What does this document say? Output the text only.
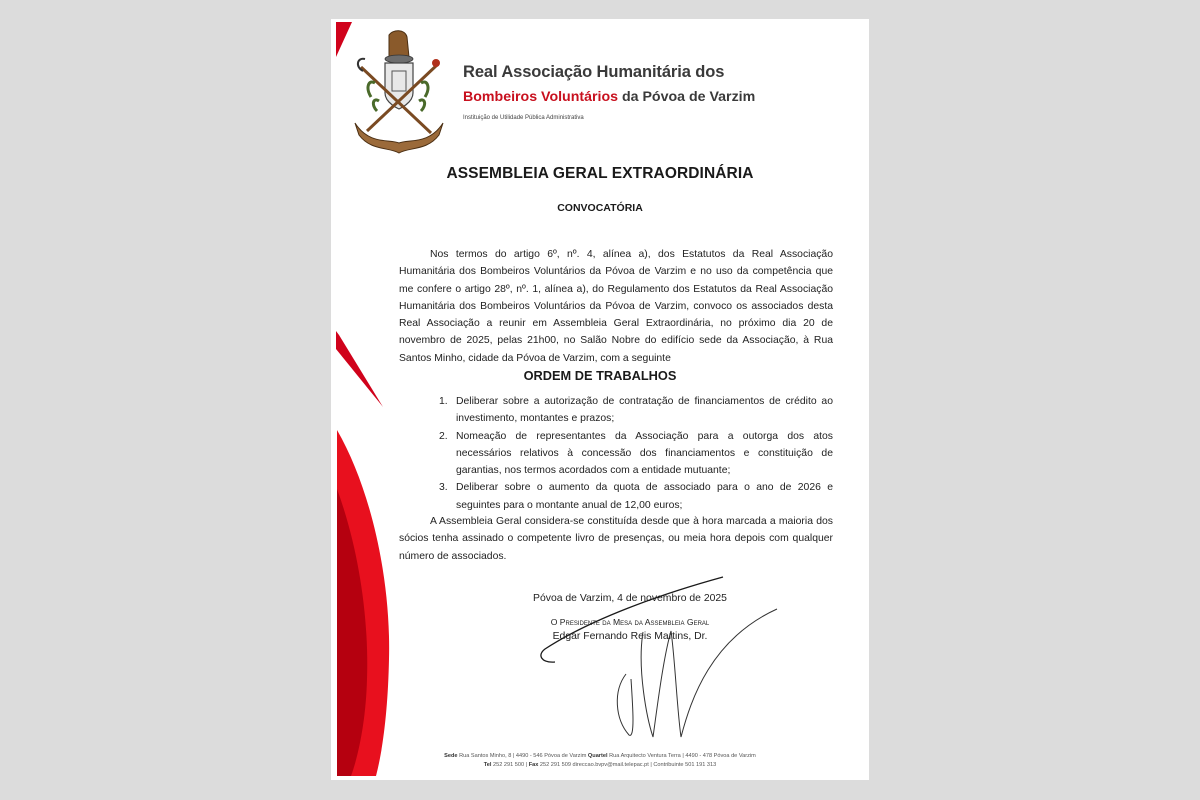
Real Associação Humanitária dos
Bombeiros Voluntários da Póvoa de Varzim
Instituição de Utilidade Pública Administrativa
ASSEMBLEIA GERAL EXTRAORDINÁRIA
CONVOCATÓRIA
Nos termos do artigo 6º, nº. 4, alínea a), dos Estatutos da Real Associação Humanitária dos Bombeiros Voluntários da Póvoa de Varzim e no uso da competência que me confere o artigo 28º, nº. 1, alínea a), do Regulamento dos Estatutos da Real Associação Humanitária dos Bombeiros Voluntários da Póvoa de Varzim, convoco os associados desta Real Associação a reunir em Assembleia Geral Extraordinária, no próximo dia 20 de novembro de 2025, pelas 21h00, no Salão Nobre do edifício sede da Associação, à Rua Santos Minho, cidade da Póvoa de Varzim, com a seguinte
ORDEM DE TRABALHOS
1. Deliberar sobre a autorização de contratação de financiamentos de crédito ao investimento, montantes e prazos;
2. Nomeação de representantes da Associação para a outorga dos atos necessários relativos à concessão dos financiamentos e constituição de garantias, nos termos acordados com a entidade mutuante;
3. Deliberar sobre o aumento da quota de associado para o ano de 2026 e seguintes para o montante anual de 12,00 euros;
A Assembleia Geral considera-se constituída desde que à hora marcada a maioria dos sócios tenha assinado o competente livro de presenças, ou meia hora depois com qualquer número de associados.
Póvoa de Varzim, 4 de novembro de 2025
O Presidente da Mesa da Assembleia Geral
Edgar Fernando Reis Martins, Dr.
Sede Rua Santos Minho, 8 | 4490 - 546 Póvoa de Varzim Quartel Rua Arquitecto Ventura Terra | 4490 - 478 Póvoa de Varzim
Tel 252 291 500 | Fax 252 291 509 direccao.bvpv@mail.telepac.pt | Contribuinte 501 191 313
